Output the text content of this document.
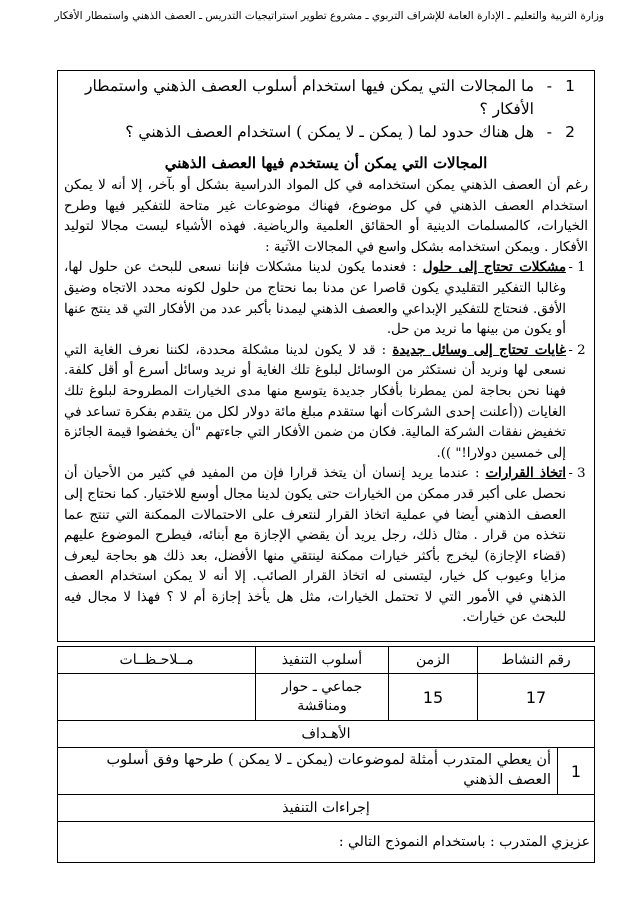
وزارة التربية والتعليم ـ الإدارة العامة للإشراف التربوي ـ مشروع تطوير استراتيجيات التدريس ـ العصف الذهني واستمطار الأفكار
1
-
ما المجالات التي يمكن فيها استخدام أسلوب العصف الذهني واستمطار الأفكار ؟
2
-
هل هناك حدود لما ( يمكن ـ لا يمكن ) استخدام العصف الذهني ؟
المجالات التي يمكن أن يستخدم فيها العصف الذهني
رغم أن العصف الذهني يمكن استخدامه في كل المواد الدراسية بشكل أو بآخر، إلا أنه لا يمكن استخدام العصف الذهني في كل موضوع، فهناك موضوعات غير متاحة للتفكير فيها وطرح الخيارات، كالمسلمات الدينية أو الحقائق العلمية والرياضية. فهذه الأشياء ليست مجالا لتوليد الأفكار . ويمكن استخدامه بشكل واسع في المجالات الآتية :
1 -
مشكلات تحتاج إلى حلول : فعندما يكون لدينا مشكلات فإننا نسعى للبحث عن حلول لها، وغالبا التفكير التقليدي يكون قاصرا عن مدنا بما نحتاج من حلول لكونه محدد الاتجاه وضيق الأفق. فنحتاج للتفكير الإبداعي والعصف الذهني ليمدنا بأكبر عدد من الأفكار التي قد ينتج عنها أو يكون من بينها ما نريد من حل.
2 -
غايات تحتاج إلى وسائل جديدة : قد لا يكون لدينا مشكلة محددة، لكننا نعرف الغاية التي نسعى لها ونريد أن نستكثر من الوسائل لبلوغ تلك الغاية أو نريد وسائل أسرع أو أقل كلفة. فهنا نحن بحاجة لمن يمطرنا بأفكار جديدة يتوسع منها مدى الخيارات المطروحة لبلوغ تلك الغايات ((أعلنت إحدى الشركات أنها ستقدم مبلغ مائة دولار لكل من يتقدم بفكرة تساعد في تخفيض نفقات الشركة المالية. فكان من ضمن الأفكار التي جاءتهم "أن يخفضوا قيمة الجائزة إلى خمسين دولارا!" )).
3 -
اتخاذ القرارات : عندما يريد إنسان أن يتخذ قرارا فإن من المفيد في كثير من الأحيان أن نحصل على أكبر قدر ممكن من الخيارات حتى يكون لدينا مجال أوسع للاختيار. كما نحتاج إلى العصف الذهني أيضا في عملية اتخاذ القرار لنتعرف على الاحتمالات الممكنة التي تنتج عما نتخذه من قرار . مثال ذلك، رجل يريد أن يقضي الإجازة مع أبنائه، فيطرح الموضوع عليهم (قضاء الإجازة) ليخرج بأكثر خيارات ممكنة لينتقي منها الأفضل، بعد ذلك هو بحاجة ليعرف مزايا وعيوب كل خيار، ليتسنى له اتخاذ القرار الصائب. إلا أنه لا يمكن استخدام العصف الذهني في الأمور التي لا تحتمل الخيارات، مثل هل يأخذ إجازة أم لا ؟ فهذا لا مجال فيه للبحث عن خيارات.
رقم النشاط	الزمن	أسلوب التنفيذ	مــلاحـظــات
17	15	جماعي ـ حوار ومناقشة	
الأهـداف			

1
أن يعطي المتدرب أمثلة لموضوعات (يمكن ـ لا يمكن ) طرحها وفق أسلوب العصف الذهني			

إجراءات التنفيذ			
عزيزي المتدرب : باستخدام النموذج التالي :			
